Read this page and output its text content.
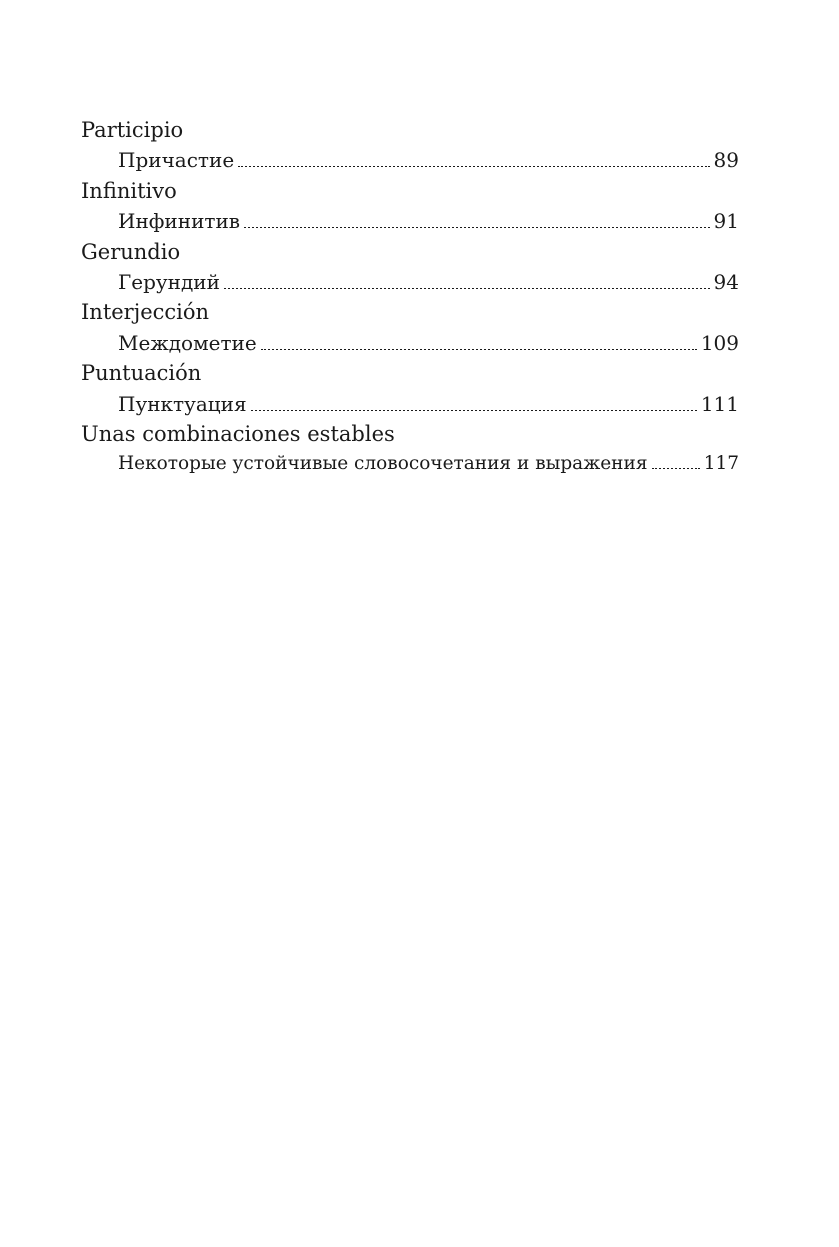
Participio
Причастие	89
Infinitivo
Инфинитив	91
Gerundio
Герундий	94
Interjección
Междометие	109
Puntuación
Пунктуация	111
Unas combinaciones estables
Некоторые устойчивые словосочетания и выражения	117
